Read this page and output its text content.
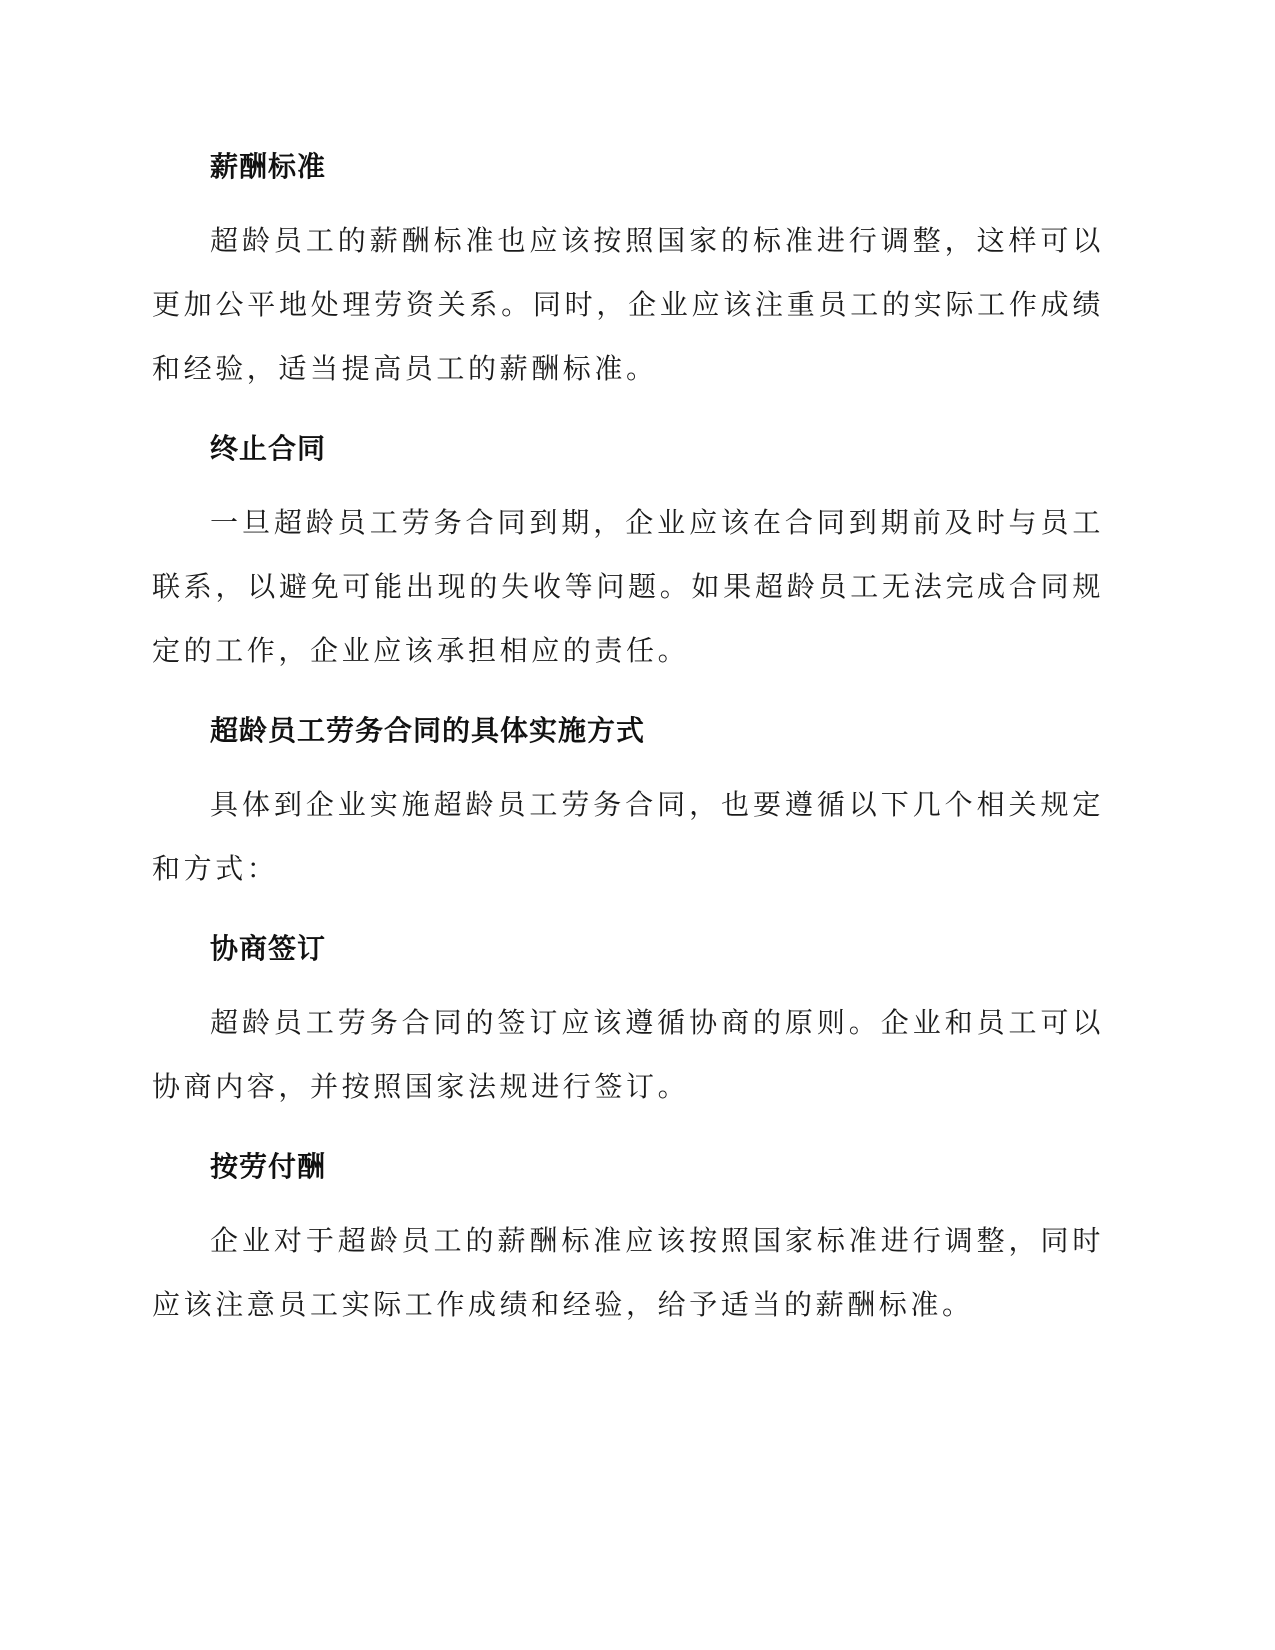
薪酬标准

超龄员工的薪酬标准也应该按照国家的标准进行调整，这样可以更加公平地处理劳资关系。同时，企业应该注重员工的实际工作成绩和经验，适当提高员工的薪酬标准。

终止合同

一旦超龄员工劳务合同到期，企业应该在合同到期前及时与员工联系，以避免可能出现的失收等问题。如果超龄员工无法完成合同规定的工作，企业应该承担相应的责任。

超龄员工劳务合同的具体实施方式

具体到企业实施超龄员工劳务合同，也要遵循以下几个相关规定和方式：

协商签订

超龄员工劳务合同的签订应该遵循协商的原则。企业和员工可以协商内容，并按照国家法规进行签订。

按劳付酬

企业对于超龄员工的薪酬标准应该按照国家标准进行调整，同时应该注意员工实际工作成绩和经验，给予适当的薪酬标准。
